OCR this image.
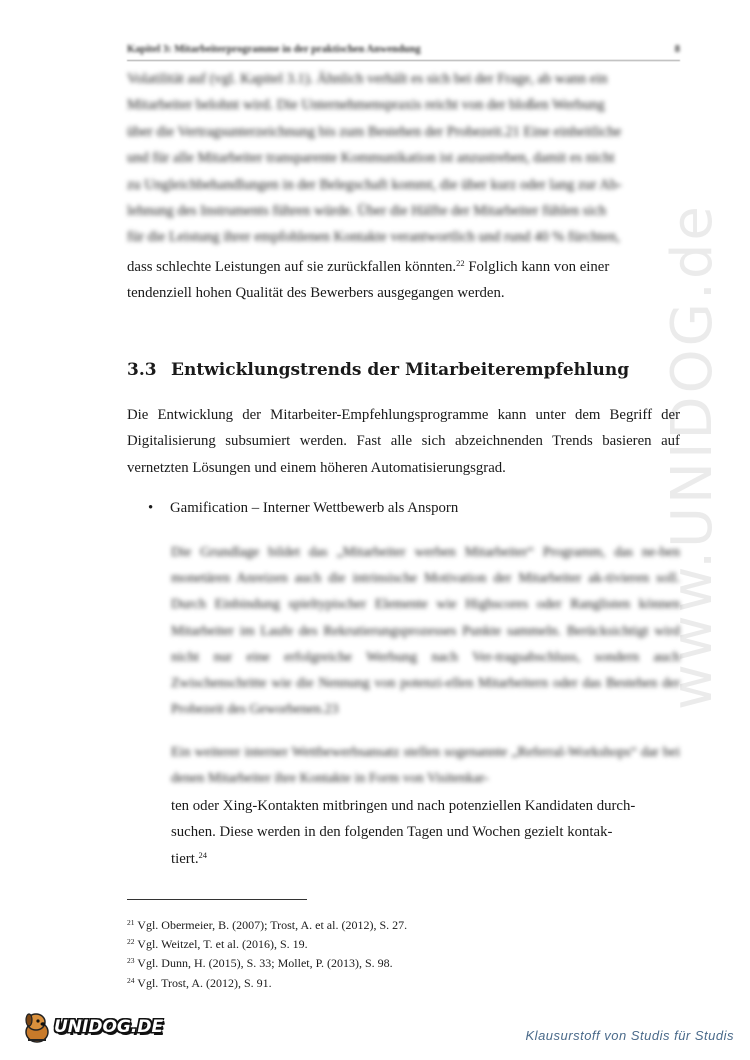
Kapitel 3: Mitarbeiterprogramme in der praktischen Anwendung	8
www.UNIDOG.de

Volatilität auf (vgl. Kapitel 3.1). Ähnlich verhält es sich bei der Frage, ab wann ein

Mitarbeiter belohnt wird. Die Unternehmenspraxis reicht von der bloßen Werbung

über die Vertragsunterzeichnung bis zum Bestehen der Probezeit.21 Eine einheitliche

und für alle Mitarbeiter transparente Kommunikation ist anzustreben, damit es nicht

zu Ungleichbehandlungen in der Belegschaft kommt, die über kurz oder lang zur Ab-

lehnung des Instruments führen würde. Über die Hälfte der Mitarbeiter fühlen sich

für die Leistung ihrer empfohlenen Kontakte verantwortlich und rund 40 % fürchten,

dass schlechte Leistungen auf sie zurückfallen könnten.$^{22}$ Folglich kann von einer

tendenziell hohen Qualität des Bewerbers ausgegangen werden.

3.3 Entwicklungstrends der Mitarbeiterempfehlung

Die Entwicklung der Mitarbeiter-Empfehlungsprogramme kann unter dem Begriff der Digitalisierung subsumiert werden. Fast alle sich abzeichnenden Trends basieren auf vernetzten Lösungen und einem höheren Automatisierungsgrad.

• Gamification – Interner Wettbewerb als Ansporn

Die Grundlage bildet das „Mitarbeiter werben Mitarbeiter“ Programm, das ne-ben monetären Anreizen auch die intrinsische Motivation der Mitarbeiter ak-tivieren soll. Durch Einbindung spieltypischer Elemente wie Highscores oder Ranglisten können Mitarbeiter im Laufe des Rekrutierungsprozesses Punkte sammeln. Berücksichtigt wird nicht nur eine erfolgreiche Werbung nach Ver-tragsabschluss, sondern auch Zwischenschritte wie die Nennung von potenzi-ellen Mitarbeitern oder das Bestehen der Probezeit des Geworbenen.23

Ein weiterer interner Wettbewerbsansatz stellen sogenannte „Referral-Workshops“ dar bei denen Mitarbeiter ihre Kontakte in Form von Visitenkar-

ten oder Xing-Kontakten mitbringen und nach potenziellen Kandidaten durch-

suchen. Diese werden in den folgenden Tagen und Wochen gezielt kontak-

tiert.$^{24}$

$^{21}$ Vgl. Obermeier, B. (2007); Trost, A. et al. (2012), S. 27.
$^{22}$ Vgl. Weitzel, T. et al. (2016), S. 19.
$^{23}$ Vgl. Dunn, H. (2015), S. 33; Mollet, P. (2013), S. 98.
$^{24}$ Vgl. Trost, A. (2012), S. 91.
UNIDOG.DE	Klausurstoff von Studis für Studis
